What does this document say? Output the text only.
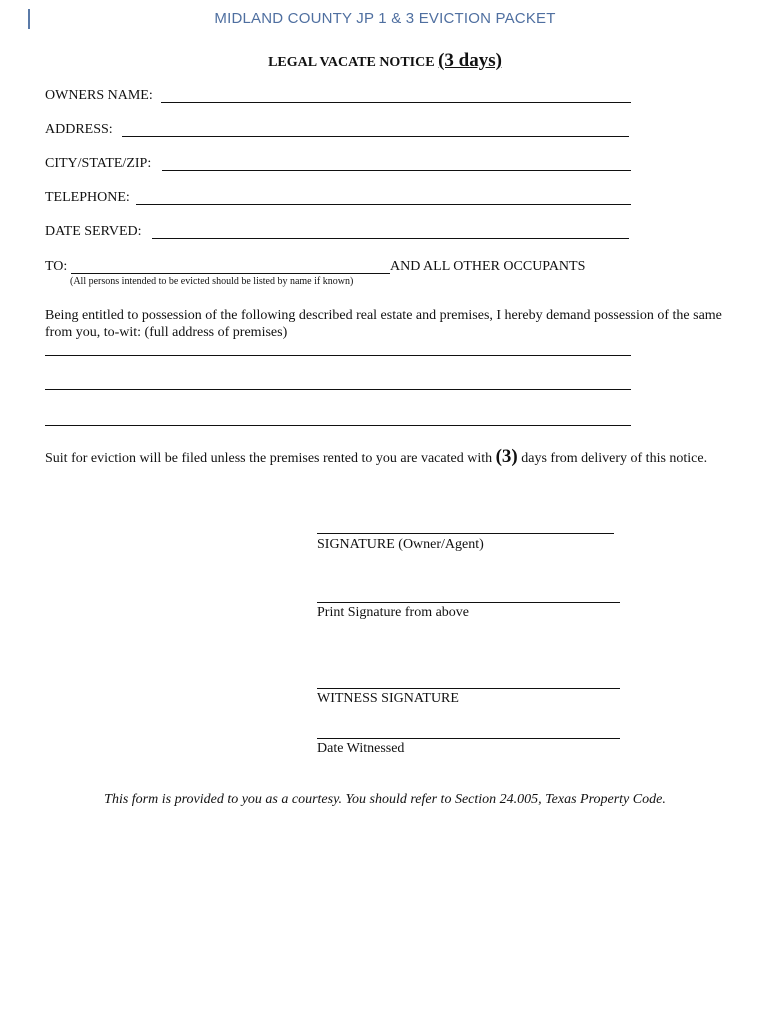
MIDLAND COUNTY JP 1 & 3 EVICTION PACKET
LEGAL VACATE NOTICE (3 days)
OWNERS NAME:
ADDRESS:
CITY/STATE/ZIP:
TELEPHONE:
DATE SERVED:
TO:	AND ALL OTHER OCCUPANTS
(All persons intended to be evicted should be listed by name if known)
Being entitled to possession of the following described real estate and premises, I hereby demand possession of the same from you, to-wit: (full address of premises)
Suit for eviction will be filed unless the premises rented to you are vacated with (3) days from delivery of this notice.
SIGNATURE (Owner/Agent)
Print Signature from above
WITNESS SIGNATURE
Date Witnessed
This form is provided to you as a courtesy. You should refer to Section 24.005, Texas Property Code.
